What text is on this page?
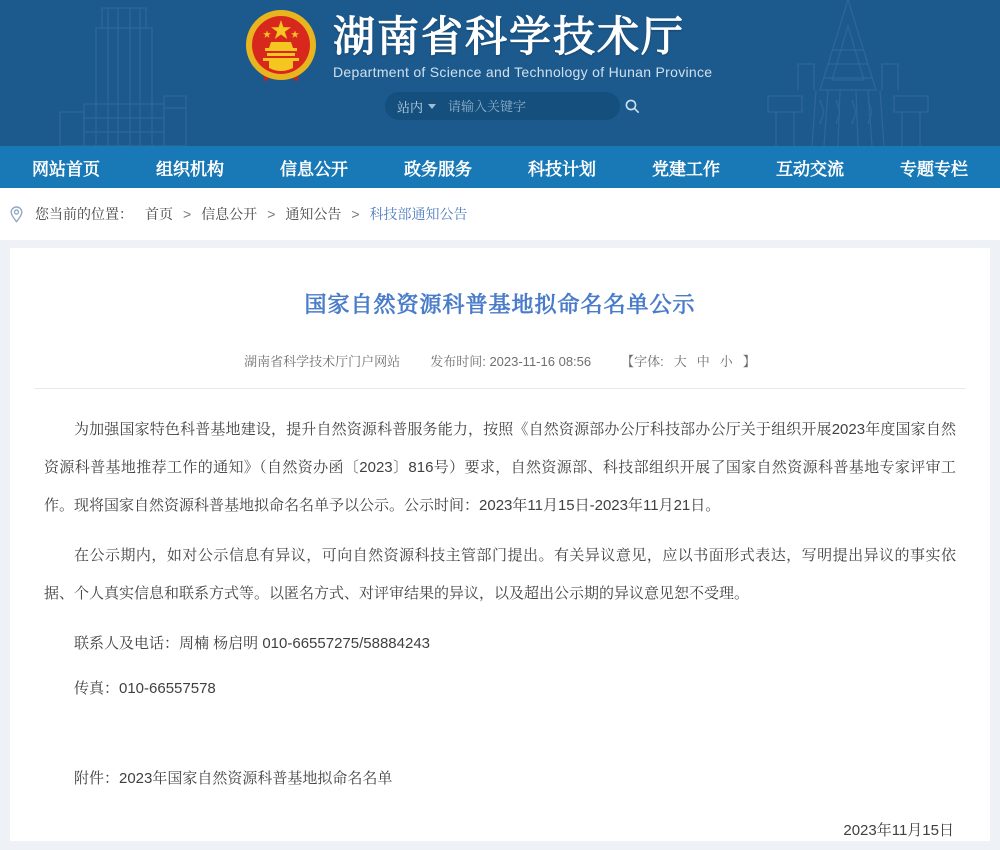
湖南省科学技术厅
Department of Science and Technology of Hunan Province
站内
请输入关键字
网站首页	组织机构	信息公开	政务服务	科技计划	党建工作	互动交流	专题专栏
您当前的位置： 首页 > 信息公开 > 通知公告 > 科技部通知公告
国家自然资源科普基地拟命名名单公示
湖南省科学技术厅门户网站 发布时间: 2023-11-16 08:56 【字体: 大 中 小 】

为加强国家特色科普基地建设，提升自然资源科普服务能力，按照《自然资源部办公厅科技部办公厅关于组织开展2023年度国家自然资源科普基地推荐工作的通知》（自然资办函〔2023〕816号）要求，自然资源部、科技部组织开展了国家自然资源科普基地专家评审工作。现将国家自然资源科普基地拟命名名单予以公示。公示时间：2023年11月15日-2023年11月21日。

在公示期内，如对公示信息有异议，可向自然资源科技主管部门提出。有关异议意见，应以书面形式表达，写明提出异议的事实依据、个人真实信息和联系方式等。以匿名方式、对评审结果的异议，以及超出公示期的异议意见恕不受理。

联系人及电话：周楠 杨启明 010-66557275/58884243

传真：010-66557578

附件：2023年国家自然资源科普基地拟命名名单

2023年11月15日
